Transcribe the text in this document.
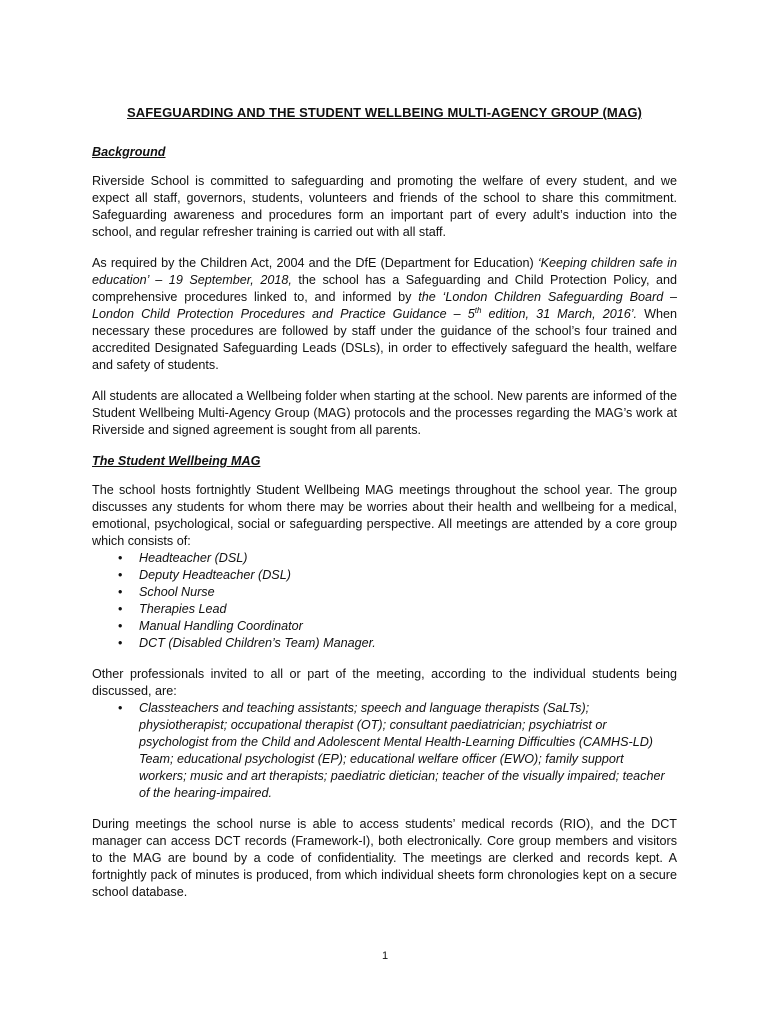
SAFEGUARDING AND THE STUDENT WELLBEING MULTI-AGENCY GROUP (MAG)
Background

Riverside School is committed to safeguarding and promoting the welfare of every student, and we expect all staff, governors, students, volunteers and friends of the school to share this commitment. Safeguarding awareness and procedures form an important part of every adult’s induction into the school, and regular refresher training is carried out with all staff.

As required by the Children Act, 2004 and the DfE (Department for Education) ‘Keeping children safe in education’ – 19 September, 2018, the school has a Safeguarding and Child Protection Policy, and comprehensive procedures linked to, and informed by the ‘London Children Safeguarding Board – London Child Protection Procedures and Practice Guidance – 5th edition, 31 March, 2016’. When necessary these procedures are followed by staff under the guidance of the school’s four trained and accredited Designated Safeguarding Leads (DSLs), in order to effectively safeguard the health, welfare and safety of students.

All students are allocated a Wellbeing folder when starting at the school. New parents are informed of the Student Wellbeing Multi-Agency Group (MAG) protocols and the processes regarding the MAG’s work at Riverside and signed agreement is sought from all parents.

The Student Wellbeing MAG

The school hosts fortnightly Student Wellbeing MAG meetings throughout the school year. The group discusses any students for whom there may be worries about their health and wellbeing for a medical, emotional, psychological, social or safeguarding perspective. All meetings are attended by a core group which consists of:

• Headteacher (DSL)
• Deputy Headteacher (DSL)
• School Nurse
• Therapies Lead
• Manual Handling Coordinator
• DCT (Disabled Children’s Team) Manager.

Other professionals invited to all or part of the meeting, according to the individual students being discussed, are:

• Classteachers and teaching assistants; speech and language therapists (SaLTs); physiotherapist; occupational therapist (OT); consultant paediatrician; psychiatrist or psychologist from the Child and Adolescent Mental Health-Learning Difficulties (CAMHS-LD) Team; educational psychologist (EP); educational welfare officer (EWO); family support workers; music and art therapists; paediatric dietician; teacher of the visually impaired; teacher of the hearing-impaired.

During meetings the school nurse is able to access students’ medical records (RIO), and the DCT manager can access DCT records (Framework-I), both electronically. Core group members and visitors to the MAG are bound by a code of confidentiality. The meetings are clerked and records kept. A fortnightly pack of minutes is produced, from which individual sheets form chronologies kept on a secure school database.

1
